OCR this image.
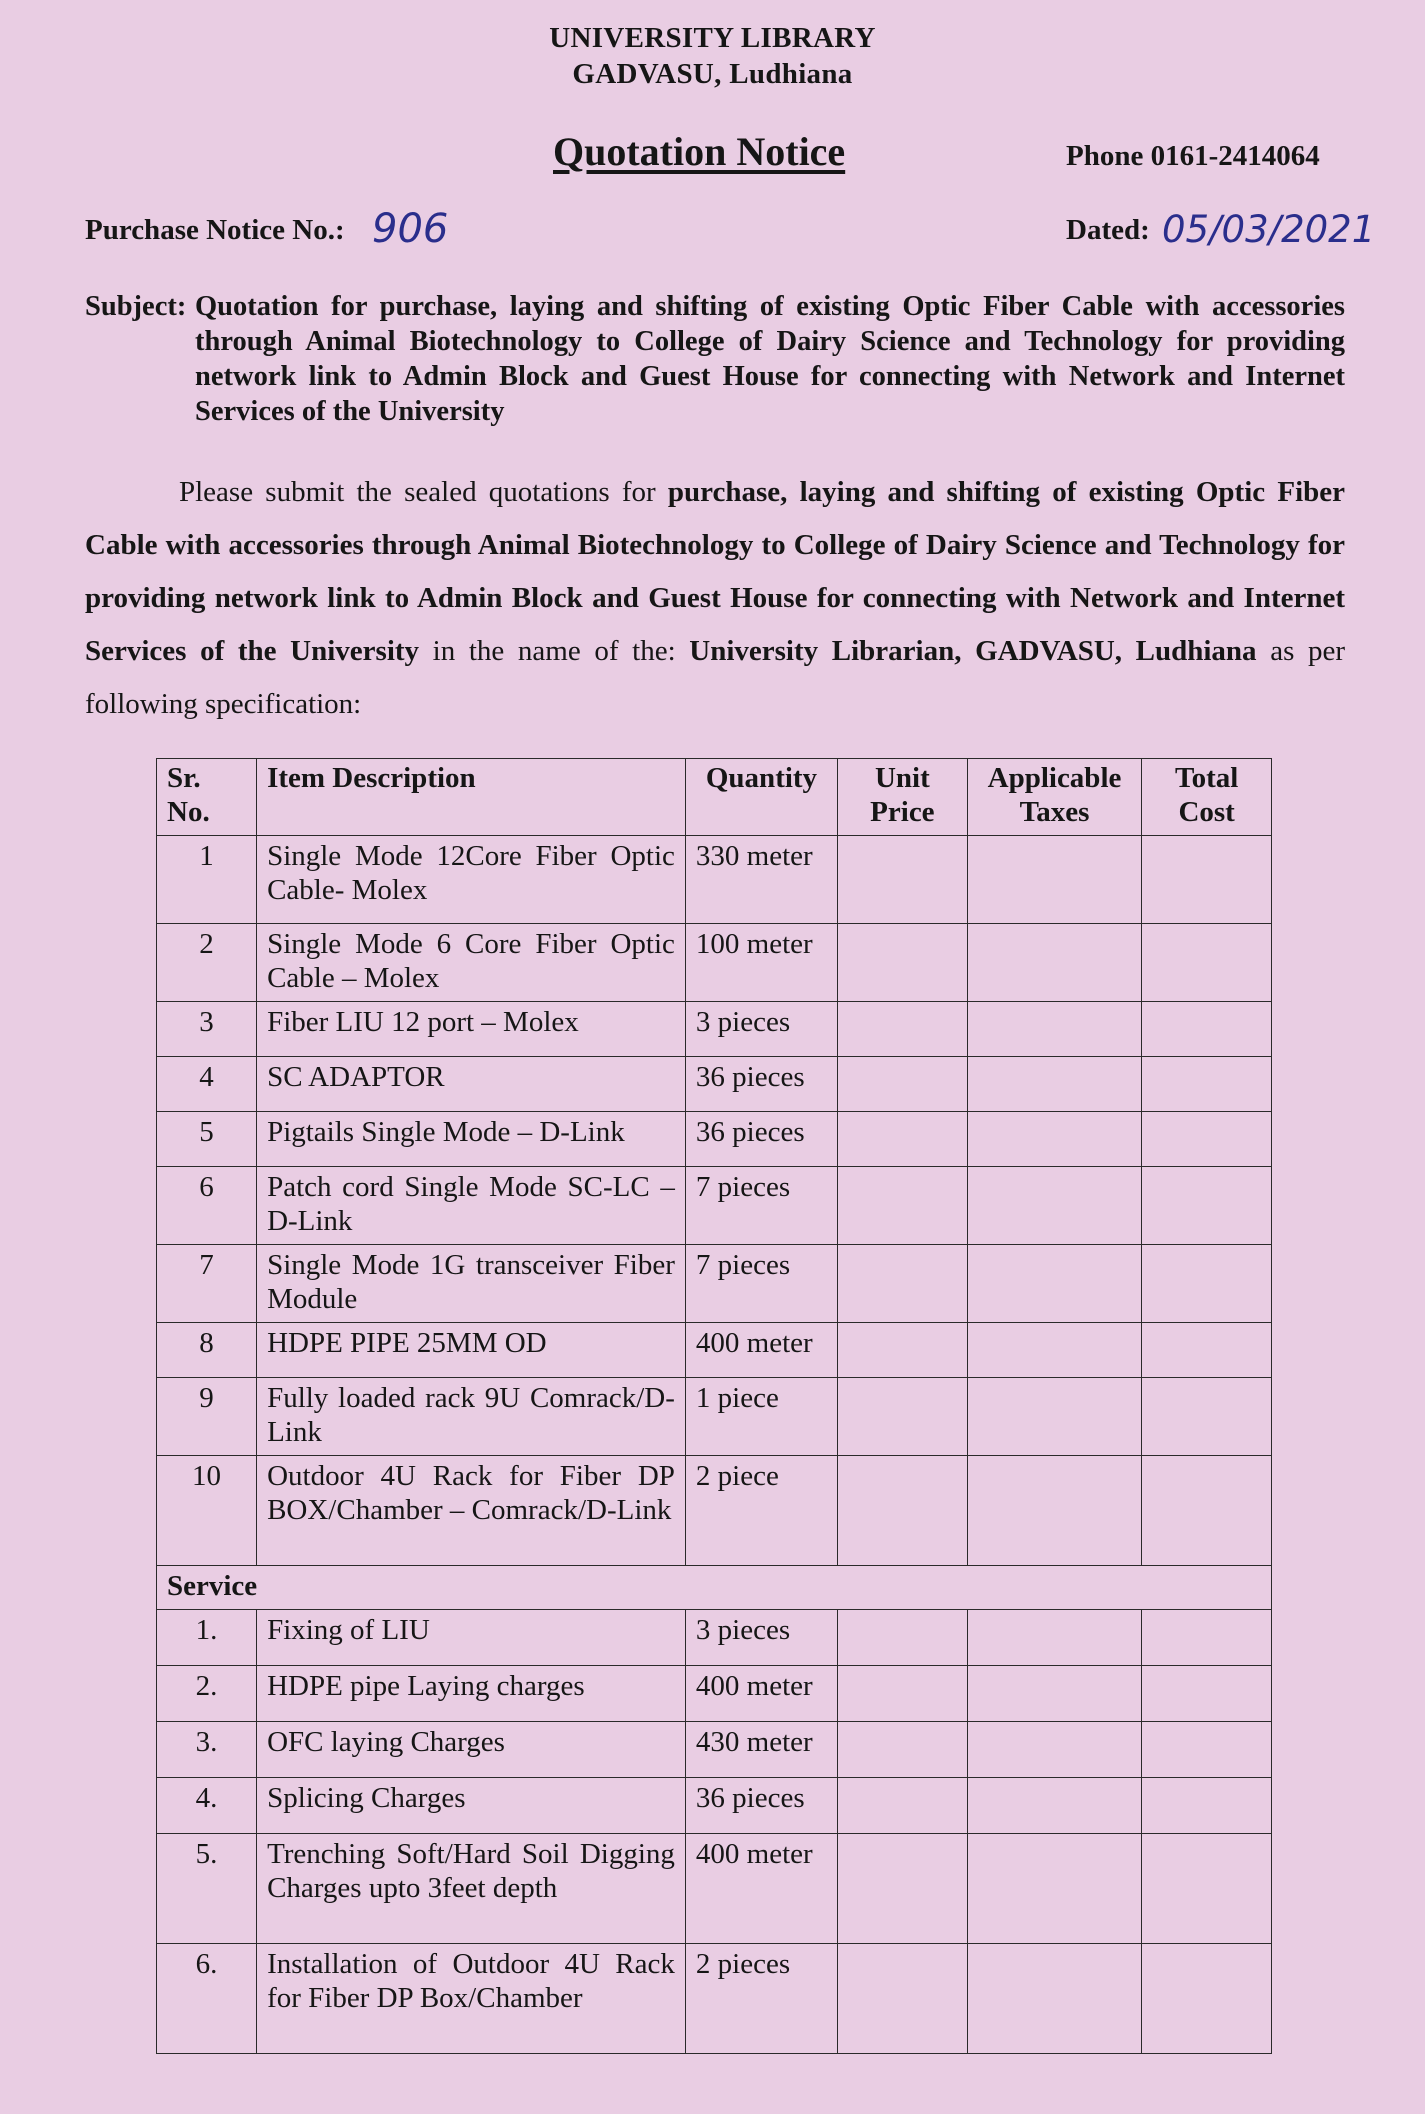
UNIVERSITY LIBRARY
GADVASU, Ludhiana
Quotation Notice	Phone 0161-2414064
Purchase Notice No.: 906	Dated: 05/03/2021
Subject: Quotation for purchase, laying and shifting of existing Optic Fiber Cable with accessories through Animal Biotechnology to College of Dairy Science and Technology for providing network link to Admin Block and Guest House for connecting with Network and Internet Services of the University
Please submit the sealed quotations for purchase, laying and shifting of existing Optic Fiber Cable with accessories through Animal Biotechnology to College of Dairy Science and Technology for providing network link to Admin Block and Guest House for connecting with Network and Internet Services of the University in the name of the: University Librarian, GADVASU, Ludhiana as per following specification:
Sr. No.	Item Description	Quantity	Unit Price	Applicable Taxes	Total Cost
1	Single Mode 12Core Fiber Optic Cable- Molex	330 meter			
2	Single Mode 6 Core Fiber Optic Cable – Molex	100 meter			
3	Fiber LIU 12 port – Molex	3 pieces			
4	SC ADAPTOR	36 pieces			
5	Pigtails Single Mode – D-Link	36 pieces			
6	Patch cord Single Mode SC-LC – D-Link	7 pieces			
7	Single Mode 1G transceiver Fiber Module	7 pieces			
8	HDPE PIPE 25MM OD	400 meter			
9	Fully loaded rack 9U Comrack/D-Link	1 piece			
10	Outdoor 4U Rack for Fiber DP BOX/Chamber – Comrack/D-Link	2 piece			
Service					
1.	Fixing of LIU	3 pieces			
2.	HDPE pipe Laying charges	400 meter			
3.	OFC laying Charges	430 meter			
4.	Splicing Charges	36 pieces			
5.	Trenching Soft/Hard Soil Digging Charges upto 3feet depth	400 meter			
6.	Installation of Outdoor 4U Rack for Fiber DP Box/Chamber	2 pieces			
